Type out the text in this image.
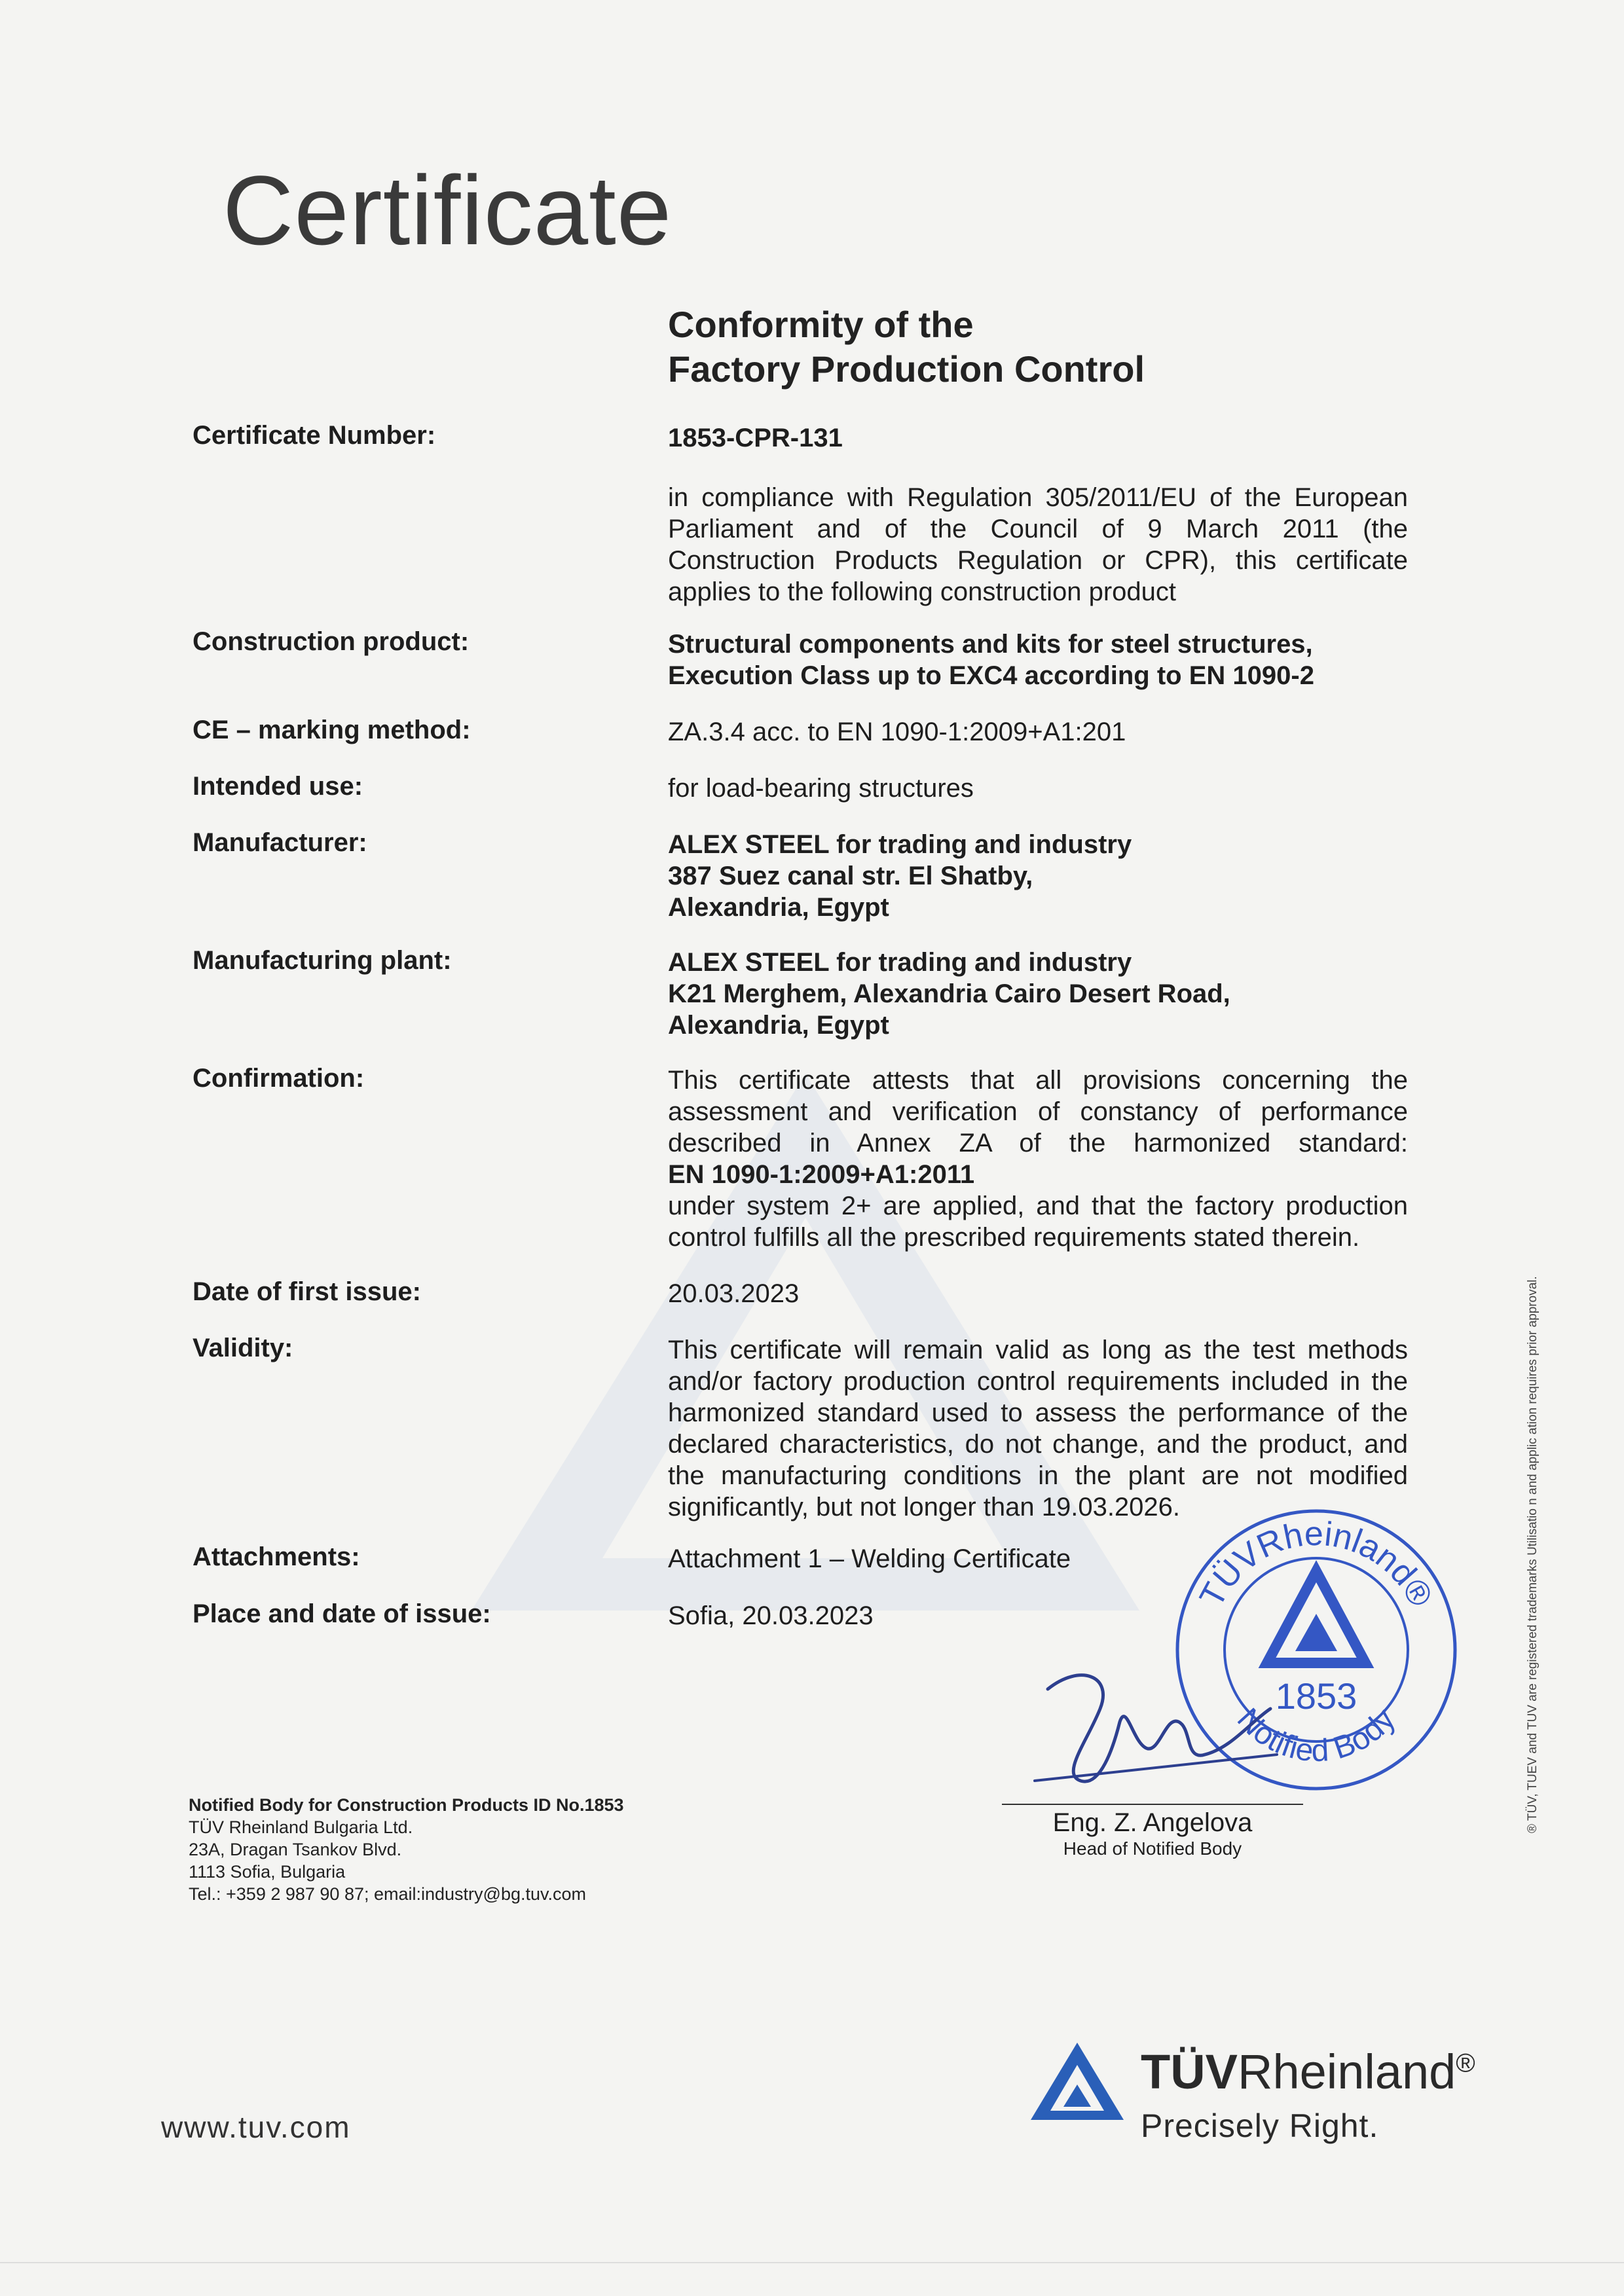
Certificate
Conformity of the
Factory Production Control
Certificate Number:	1853-CPR-131
in compliance with Regulation 305/2011/EU of the European
Parliament and of the Council of 9 March 2011 (the
Construction Products Regulation or CPR), this certificate
applies to the following construction product
Construction product:	Structural components and kits for steel structures,
Execution Class up to EXC4 according to EN 1090-2
CE – marking method:	ZA.3.4 acc. to EN 1090-1:2009+A1:201
Intended use:	for load-bearing structures
Manufacturer:	ALEX STEEL for trading and industry
387 Suez canal str. El Shatby,
Alexandria, Egypt
Manufacturing plant:	ALEX STEEL for trading and industry
K21 Merghem, Alexandria Cairo Desert Road,
Alexandria, Egypt
Confirmation:	This certificate attests that all provisions concerning the
assessment and verification of constancy of performance
described in Annex ZA of the harmonized standard:
EN 1090-1:2009+A1:2011
under system 2+ are applied, and that the factory production
control fulfills all the prescribed requirements stated therein.
Date of first issue:	20.03.2023
Validity:	This certificate will remain valid as long as the test methods
and/or factory production control requirements included in the
harmonized standard used to assess the performance of the
declared characteristics, do not change, and the product, and
the manufacturing conditions in the plant are not modified
significantly, but not longer than 19.03.2026.
Attachments:	Attachment 1 – Welding Certificate
Place and date of issue:	Sofia, 20.03.2023
TÜVRheinland®
1853
Notified Body
Eng. Z. Angelova
Head of Notified Body
Notified Body for Construction Products ID No.1853
TÜV Rheinland Bulgaria Ltd.
23A, Dragan Tsankov Blvd.
1113 Sofia, Bulgaria
Tel.: +359 2 987 90 87; email:industry@bg.tuv.com
www.tuv.com
TÜVRheinland®
Precisely Right.
® TÜV, TUEV and TUV are registered trademarks Utilisatio n and applic ation requires prior approval.
